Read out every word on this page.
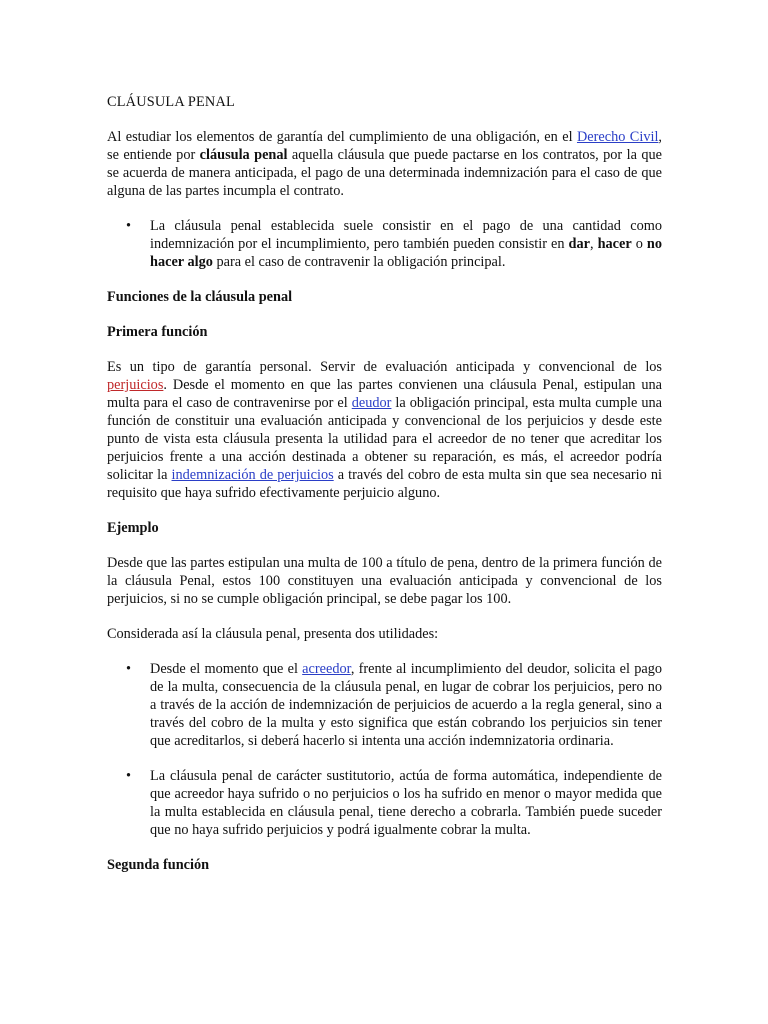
CLÁUSULA PENAL

Al estudiar los elementos de garantía del cumplimiento de una obligación, en el Derecho Civil, se entiende por cláusula penal aquella cláusula que puede pactarse en los contratos, por la que se acuerda de manera anticipada, el pago de una determinada indemnización para el caso de que alguna de las partes incumpla el contrato.

• La cláusula penal establecida suele consistir en el pago de una cantidad como indemnización por el incumplimiento, pero también pueden consistir en dar, hacer o no hacer algo para el caso de contravenir la obligación principal.
Funciones de la cláusula penal
Primera función

Es un tipo de garantía personal. Servir de evaluación anticipada y convencional de los perjuicios. Desde el momento en que las partes convienen una cláusula Penal, estipulan una multa para el caso de contravenirse por el deudor la obligación principal, esta multa cumple una función de constituir una evaluación anticipada y convencional de los perjuicios y desde este punto de vista esta cláusula presenta la utilidad para el acreedor de no tener que acreditar los perjuicios frente a una acción destinada a obtener su reparación, es más, el acreedor podría solicitar la indemnización de perjuicios a través del cobro de esta multa sin que sea necesario ni requisito que haya sufrido efectivamente perjuicio alguno.

Ejemplo

Desde que las partes estipulan una multa de 100 a título de pena, dentro de la primera función de la cláusula Penal, estos 100 constituyen una evaluación anticipada y convencional de los perjuicios, si no se cumple obligación principal, se debe pagar los 100.

Considerada así la cláusula penal, presenta dos utilidades:

• Desde el momento que el acreedor, frente al incumplimiento del deudor, solicita el pago de la multa, consecuencia de la cláusula penal, en lugar de cobrar los perjuicios, pero no a través de la acción de indemnización de perjuicios de acuerdo a la regla general, sino a través del cobro de la multa y esto significa que están cobrando los perjuicios sin tener que acreditarlos, si deberá hacerlo si intenta una acción indemnizatoria ordinaria.
• La cláusula penal de carácter sustitutorio, actúa de forma automática, independiente de que acreedor haya sufrido o no perjuicios o los ha sufrido en menor o mayor medida que la multa establecida en cláusula penal, tiene derecho a cobrarla. También puede suceder que no haya sufrido perjuicios y podrá igualmente cobrar la multa.
Segunda función
